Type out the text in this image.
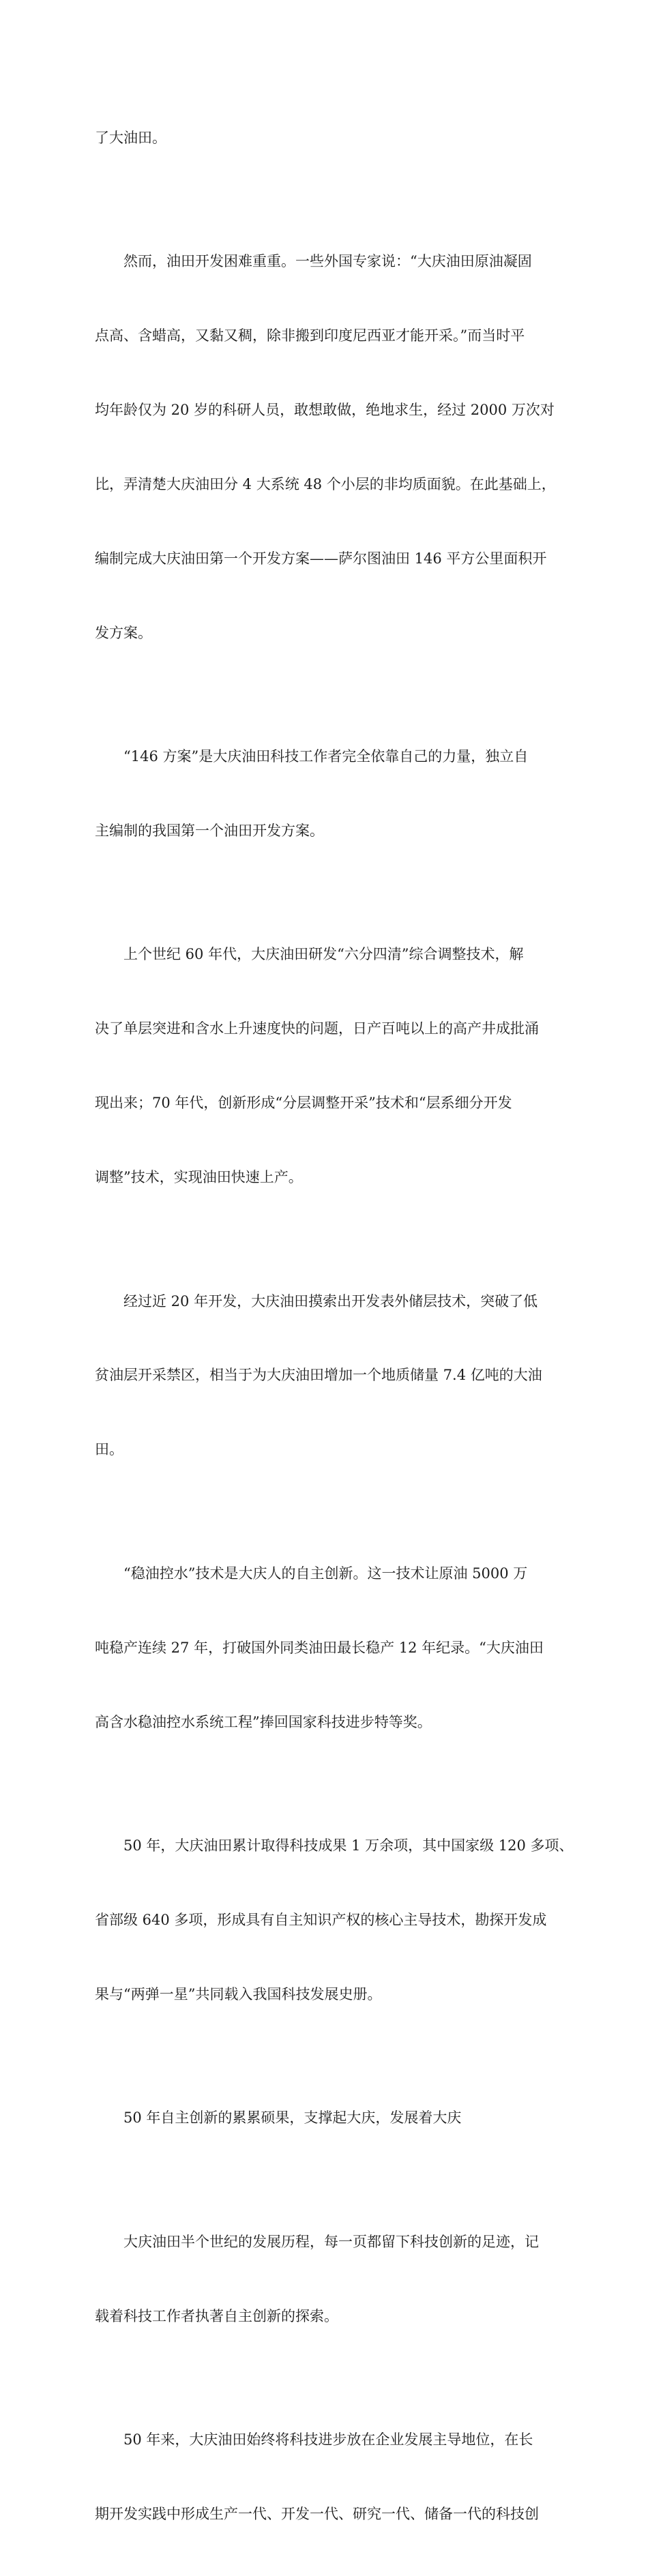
了大油田。

　　然而，油田开发困难重重。一些外国专家说：“大庆油田原油凝固

点高、含蜡高，又黏又稠，除非搬到印度尼西亚才能开采。”而当时平

均年龄仅为 20 岁的科研人员，敢想敢做，绝地求生，经过 2000 万次对

比，弄清楚大庆油田分 4 大系统 48 个小层的非均质面貌。在此基础上，

编制完成大庆油田第一个开发方案——萨尔图油田 146 平方公里面积开

发方案。

　　“146 方案”是大庆油田科技工作者完全依靠自己的力量，独立自

主编制的我国第一个油田开发方案。

　　上个世纪 60 年代，大庆油田研发“六分四清”综合调整技术，解

决了单层突进和含水上升速度快的问题，日产百吨以上的高产井成批涌

现出来；70 年代，创新形成“分层调整开采”技术和“层系细分开发

调整”技术，实现油田快速上产。

　　经过近 20 年开发，大庆油田摸索出开发表外储层技术，突破了低

贫油层开采禁区，相当于为大庆油田增加一个地质储量 7.4 亿吨的大油

田。

　　“稳油控水”技术是大庆人的自主创新。这一技术让原油 5000 万

吨稳产连续 27 年，打破国外同类油田最长稳产 12 年纪录。“大庆油田

高含水稳油控水系统工程”捧回国家科技进步特等奖。

　　50 年，大庆油田累计取得科技成果 1 万余项，其中国家级 120 多项、

省部级 640 多项，形成具有自主知识产权的核心主导技术，勘探开发成

果与“两弹一星”共同载入我国科技发展史册。

　　50 年自主创新的累累硕果，支撑起大庆，发展着大庆

　　大庆油田半个世纪的发展历程，每一页都留下科技创新的足迹，记

载着科技工作者执著自主创新的探索。

　　50 年来，大庆油田始终将科技进步放在企业发展主导地位，在长

期开发实践中形成生产一代、开发一代、研究一代、储备一代的科技创
